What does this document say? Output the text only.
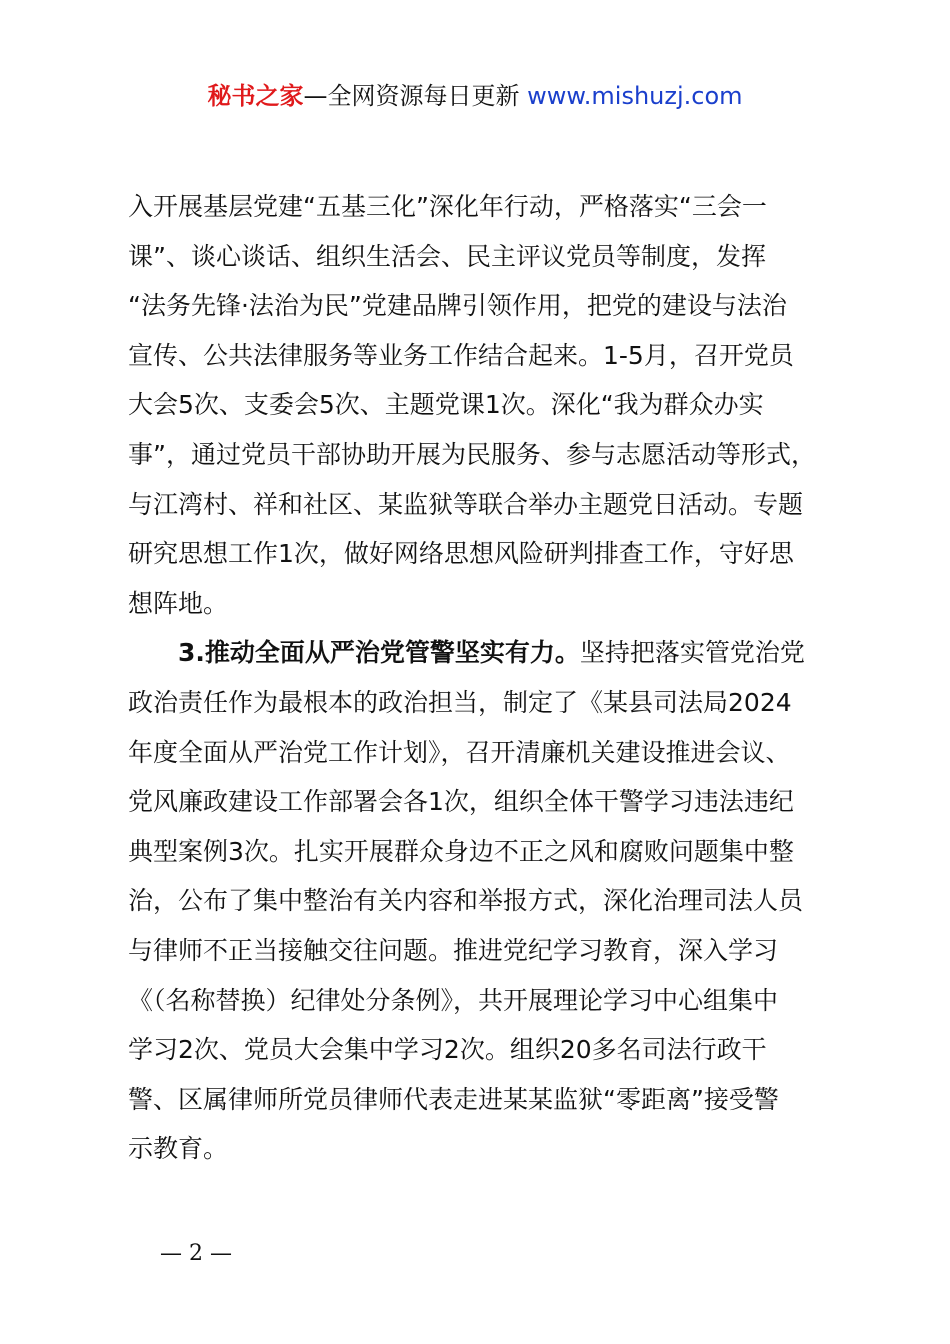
秘书之家—全网资源每日更新 www.mishuzj.com
入开展基层党建“五基三化”深化年行动，严格落实“三会一
课”、谈心谈话、组织生活会、民主评议党员等制度，发挥
“法务先锋·法治为民”党建品牌引领作用，把党的建设与法治
宣传、公共法律服务等业务工作结合起来。1-5月，召开党员
大会5次、支委会5次、主题党课1次。深化“我为群众办实
事”，通过党员干部协助开展为民服务、参与志愿活动等形式，
与江湾村、祥和社区、某监狱等联合举办主题党日活动。专题
研究思想工作1次，做好网络思想风险研判排查工作，守好思
想阵地。
3.推动全面从严治党管警坚实有力。坚持把落实管党治党
政治责任作为最根本的政治担当，制定了《某县司法局2024
年度全面从严治党工作计划》，召开清廉机关建设推进会议、
党风廉政建设工作部署会各1次，组织全体干警学习违法违纪
典型案例3次。扎实开展群众身边不正之风和腐败问题集中整
治，公布了集中整治有关内容和举报方式，深化治理司法人员
与律师不正当接触交往问题。推进党纪学习教育，深入学习
《（名称替换）纪律处分条例》，共开展理论学习中心组集中
学习2次、党员大会集中学习2次。组织20多名司法行政干
警、区属律师所党员律师代表走进某某监狱“零距离”接受警
示教育。
— 2 —
